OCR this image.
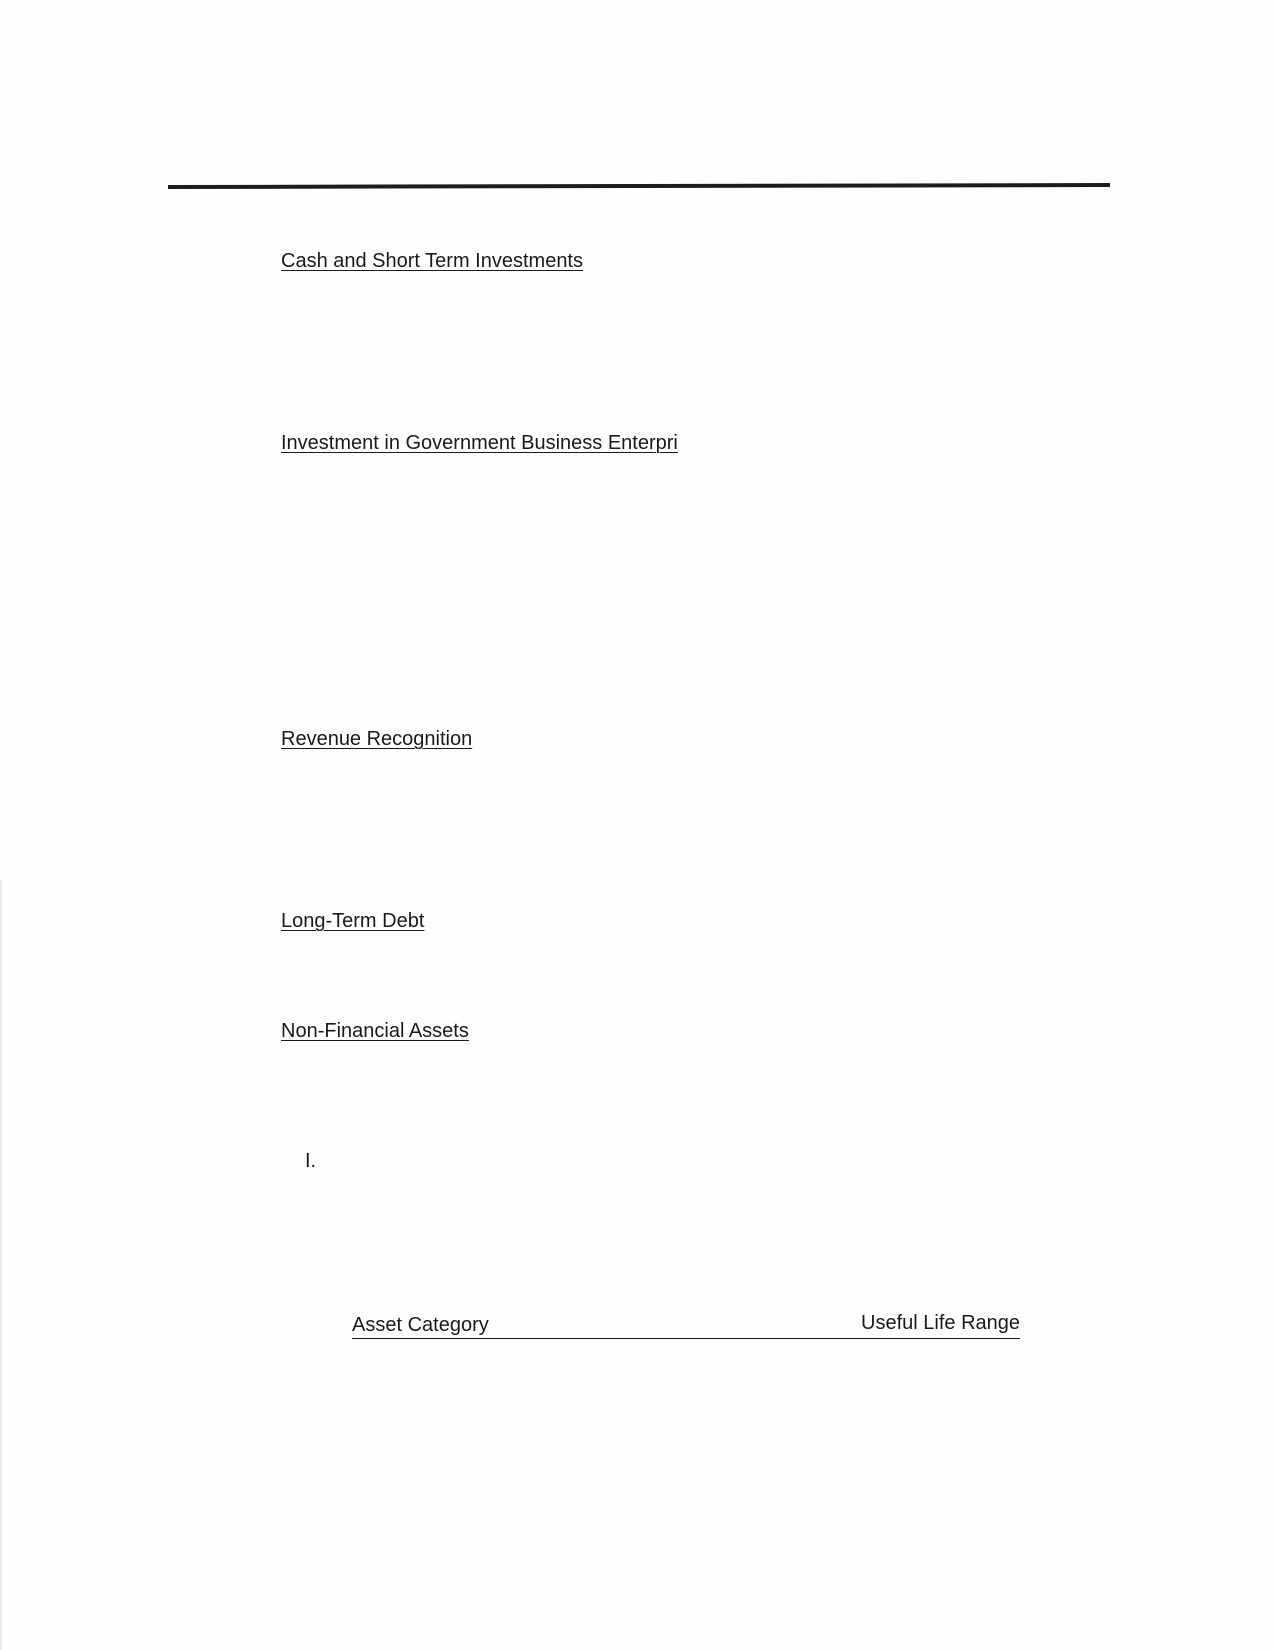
Cash and Short Term Investments
Investment in Government Business Enterpri
Revenue Recognition
Long-Term Debt
Non-Financial Assets
I.
Asset Category	Useful Life Range
